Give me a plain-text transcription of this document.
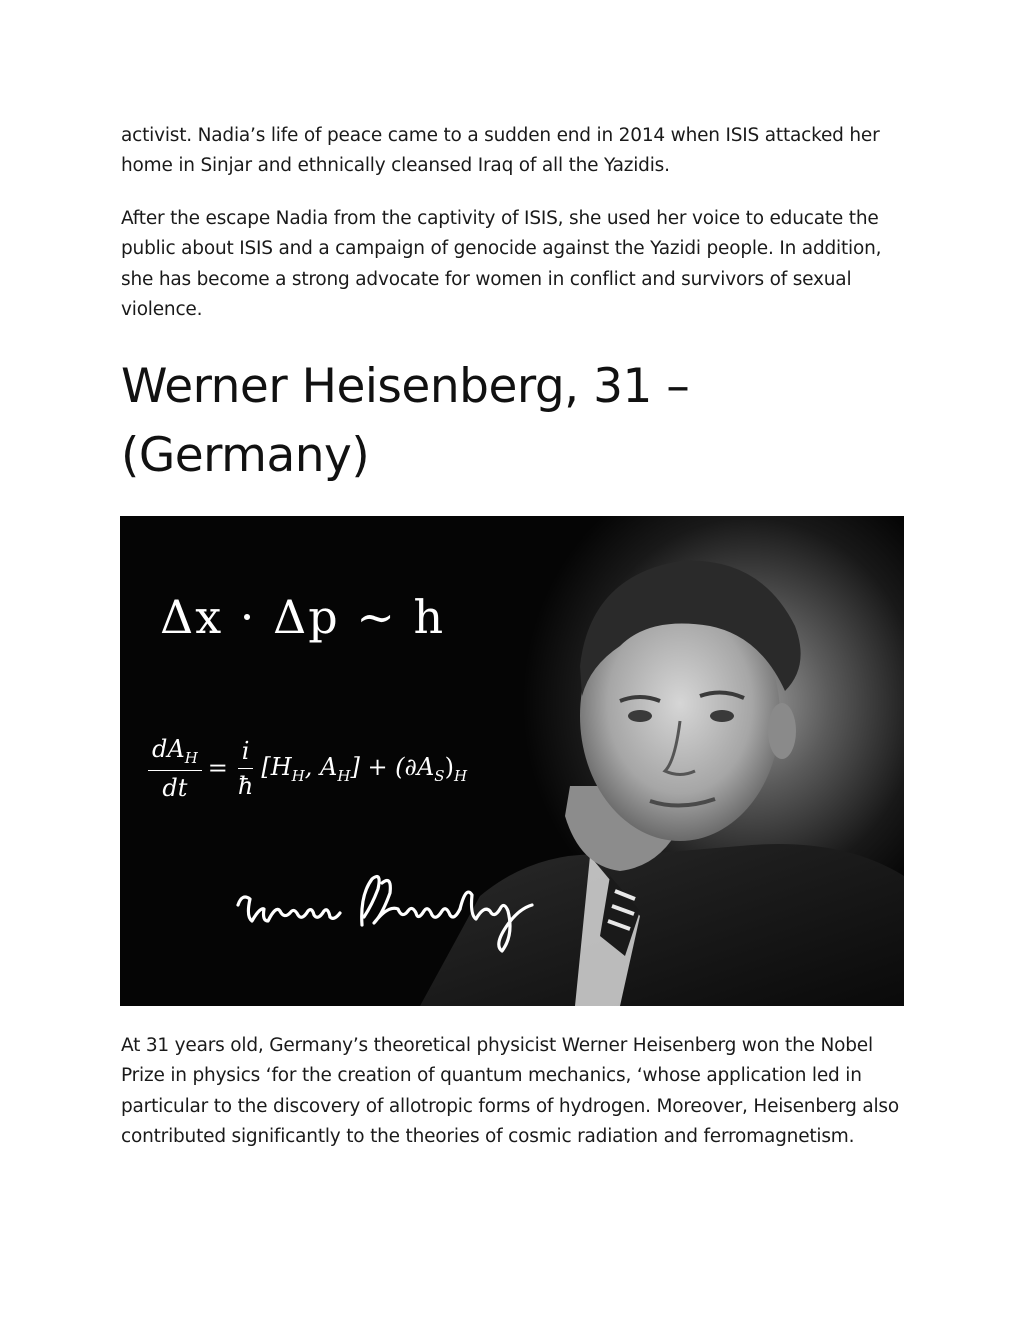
activist. Nadia’s life of peace came to a sudden end in 2014 when ISIS attacked her home in Sinjar and ethnically cleansed Iraq of all the Yazidis.

After the escape Nadia from the captivity of ISIS, she used her voice to educate the public about ISIS and a campaign of genocide against the Yazidi people. In addition, she has become a strong advocate for women in conflict and survivors of sexual violence.

Werner Heisenberg, 31 – (Germany)
Δx · Δp ∼ h
$\frac{dA_H}{dt} = \frac{i}{ħ} [H_H$, $A_H] + (\partial A_S)_H$

At 31 years old, Germany’s theoretical physicist Werner Heisenberg won the Nobel Prize in physics ‘for the creation of quantum mechanics, ‘whose application led in particular to the discovery of allotropic forms of hydrogen. Moreover, Heisenberg also contributed significantly to the theories of cosmic radiation and ferromagnetism.
